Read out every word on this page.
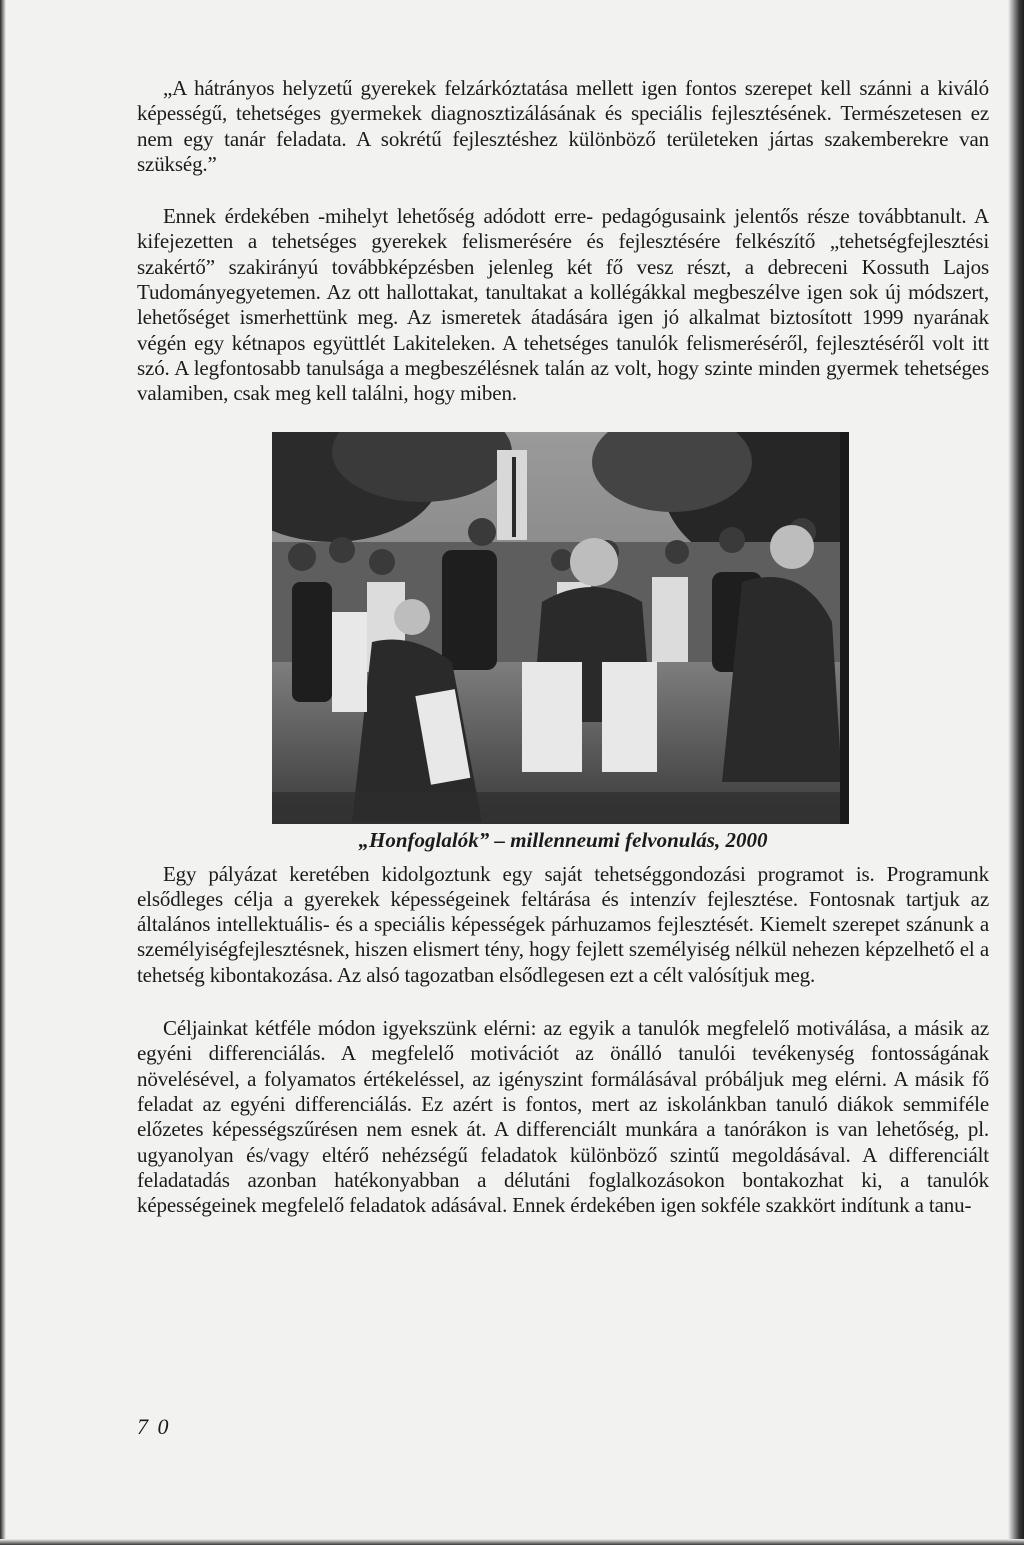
„A hátrányos helyzetű gyerekek felzárkóztatása mellett igen fontos szerepet kell szánni a kiváló képességű, tehetséges gyermekek diagnosztizálásának és speciális fejlesztésének. Természetesen ez nem egy tanár feladata. A sokrétű fejlesztéshez különböző területeken jártas szakemberekre van szükség.”

Ennek érdekében -mihelyt lehetőség adódott erre- pedagógusaink jelentős része továbbtanult. A kifejezetten a tehetséges gyerekek felismerésére és fejlesztésére felkészítő „tehetségfejlesztési szakértő” szakirányú továbbképzésben jelenleg két fő vesz részt, a debreceni Kossuth Lajos Tudományegyetemen. Az ott hallottakat, tanultakat a kollégákkal megbeszélve igen sok új módszert, lehetőséget ismerhettünk meg. Az ismeretek átadására igen jó alkalmat biztosított 1999 nyarának végén egy kétnapos együttlét Lakiteleken. A tehetséges tanulók felismeréséről, fejlesztéséről volt itt szó. A legfontosabb tanulsága a megbeszélésnek talán az volt, hogy szinte minden gyermek tehetséges valamiben, csak meg kell találni, hogy miben.

„Honfoglalók” – millenneumi felvonulás, 2000

Egy pályázat keretében kidolgoztunk egy saját tehetséggondozási programot is. Programunk elsődleges célja a gyerekek képességeinek feltárása és intenzív fejlesztése. Fontosnak tartjuk az általános intellektuális- és a speciális képességek párhuzamos fejlesztését. Kiemelt szerepet szánunk a személyiségfejlesztésnek, hiszen elismert tény, hogy fejlett személyiség nélkül nehezen képzelhető el a tehetség kibontakozása. Az alsó tagozatban elsődlegesen ezt a célt valósítjuk meg.

Céljainkat kétféle módon igyekszünk elérni: az egyik a tanulók megfelelő motiválása, a másik az egyéni differenciálás. A megfelelő motivációt az önálló tanulói tevékenység fontosságának növelésével, a folyamatos értékeléssel, az igényszint formálásával próbáljuk meg elérni. A másik fő feladat az egyéni differenciálás. Ez azért is fontos, mert az iskolánkban tanuló diákok semmiféle előzetes képességszűrésen nem esnek át. A differenciált munkára a tanórákon is van lehetőség, pl. ugyanolyan és/vagy eltérő nehézségű feladatok különböző szintű megoldásával. A differenciált feladatadás azonban hatékonyabban a délutáni foglalkozásokon bontakozhat ki, a tanulók képességeinek megfelelő feladatok adásával. Ennek érdekében igen sokféle szakkört indítunk a tanu-

7 0
